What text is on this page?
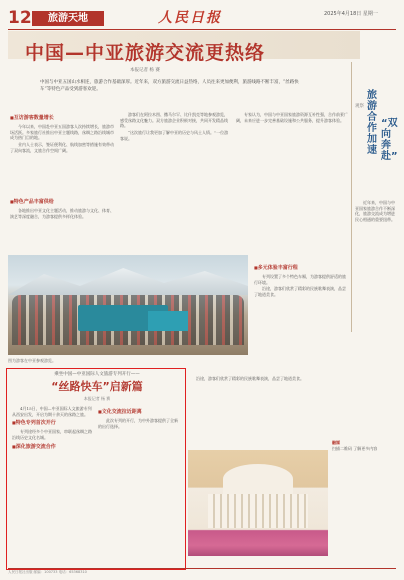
12	旅游天地	人民日报	2025年4月18日 星期一
中国—中亚旅游交流更热络
本报记者 杨 赛

中国与中亚五国山水相连，旅游合作基础深厚。近年来，双方旅游交流日益热络，人员往来更加便利，旅游线路不断丰富，“丝路快车”等特色产品受到游客欢迎。

■ 互访游客数量增长

今年以来，中国赴中亚五国游客人次持续增长，旅游市场活跃。多家旅行社推出中亚主题线路，丝绸之路沿线城市成为热门目的地。

业内人士表示，签证便利化、航线加密等措施有效带动了双向客流，文旅合作空间广阔。

■ 特色产品丰富供给

各地推出中亚文化主题活动，推动旅游与文化、体育、演艺等深度融合，为游客提供多样化体验。

游客们在阿拉木图、撒马尔罕、比什凯克等地参观游览，感受丝路文化魅力。双方旅游企业积极对接，共同开发精品线路。

“这次旅行让我更加了解中亚的历史与风土人情。”一位游客说。

专家认为，中国与中亚国家旅游资源互补性强，合作前景广阔，未来应进一步完善基础设施和公共服务，提升游客体验。

观察
旅游合作加速
“双向奔赴”

近年来，中国与中亚国家旅游合作不断深化，旅游交流成为增进民心相通的重要纽带。

图为游客在中亚参观游览。
■ 多元体验丰富行程

专列设置了多个特色车厢，为游客提供舒适的旅行环境。

沿途，游客们欣赏了精彩的民族歌舞表演，品尝了地道美食。

乘坐中国—中亚国际人文旅游专列开行——
“丝路快车”启新篇
本报记者 杨 赛

4月15日，中国—中亚国际人文旅游专列从西安出发，开启为期十余天的丝路之旅。

■ 特色专列首次开行

专列途经多个中亚国家，串联起丝绸之路沿线历史文化名城。

■ 深化旅游交流合作
■ 文化交流拉近距离

此次专列的开行，为中外游客提供了全新的出行选择。

沿途，游客们欣赏了精彩的民族歌舞表演，品尝了地道美食。

融媒
扫描二维码 了解更多内容
人民日报社出版 邮编：100733 电话：65368310
